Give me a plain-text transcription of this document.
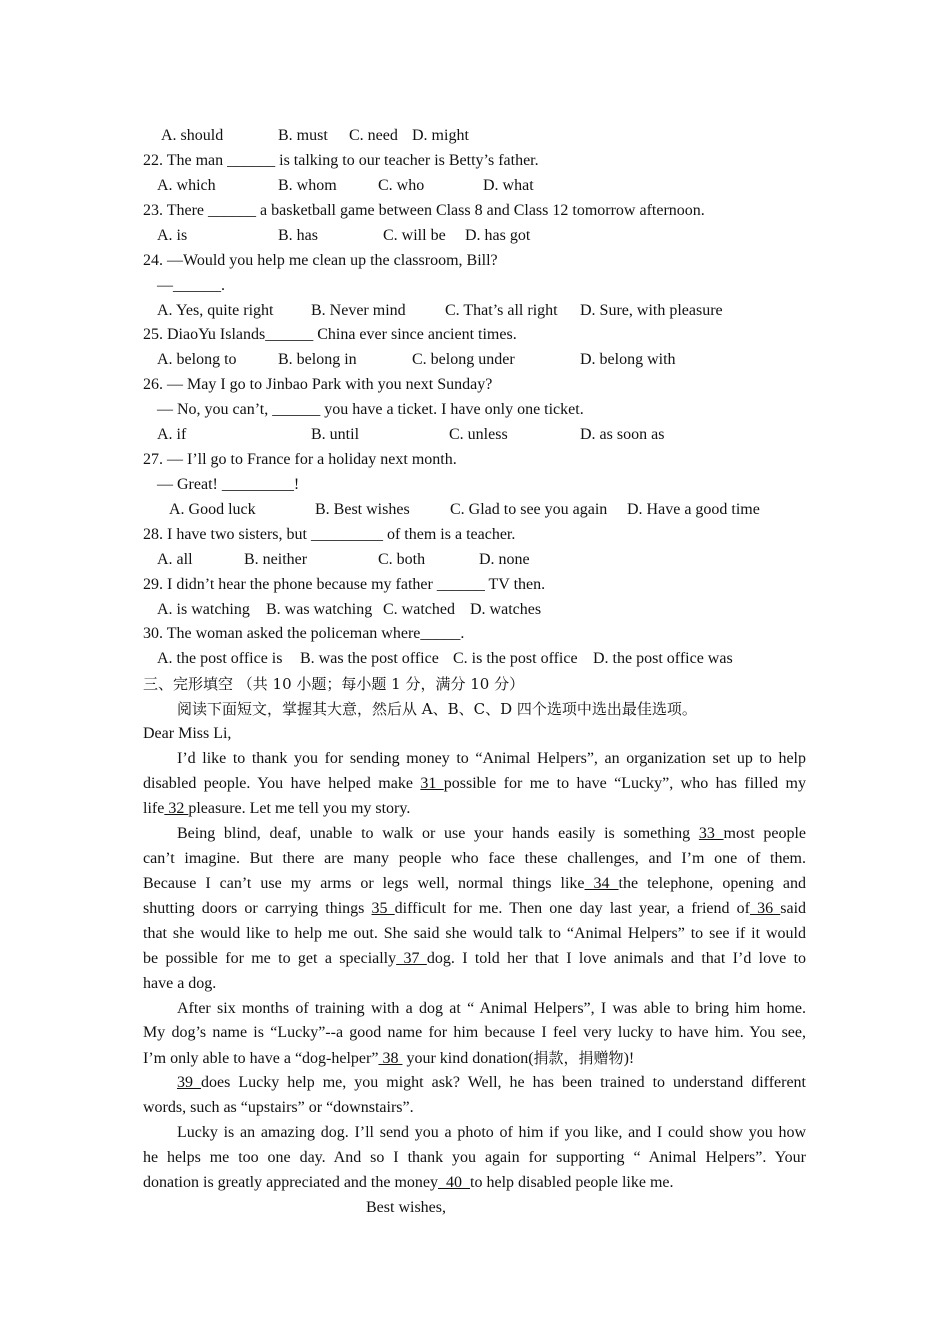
A. should	B. must C. need D. might
22. The man ______ is talking to our teacher is Betty’s father.
A. which	B. whom	C. who	D. what
23. There ______ a basketball game between Class 8 and Class 12 tomorrow afternoon.
A. is	B. has	C. will be D. has got
24. —Would you help me clean up the classroom, Bill?
—______.
A. Yes, quite right B. Never mind C. That’s all right D. Sure, with pleasure
25. DiaoYu Islands______ China ever since ancient times.
A. belong to	B. belong in	C. belong under	D. belong with
26. — May I go to Jinbao Park with you next Sunday?
— No, you can’t, ______ you have a ticket. I have only one ticket.
A. if	B. until	C. unless	D. as soon as
27. — I’ll go to France for a holiday next month.
— Great! _________!
A. Good luck	B. Best wishes	C. Glad to see you again D. Have a good time
28. I have two sisters, but _________ of them is a teacher.
A. all	B. neither	C. both	D. none
29. I didn’t hear the phone because my father ______ TV then.
A. is watching B. was watching C. watched D. watches
30. The woman asked the policeman where_____.
A. the post office is B. was the post office C. is the post office D. the post office was
三、完形填空 （共 10 小题；每小题 1 分，满分 10 分）
阅读下面短文，掌握其大意，然后从 A、B、C、D 四个选项中选出最佳选项。
Dear Miss Li,
I’d like to thank you for sending money to “Animal Helpers”, an organization set up to help
disabled people. You have helped make 31 possible for me to have “Lucky”, who has filled my
life 32 pleasure. Let me tell you my story.
Being blind, deaf, unable to walk or use your hands easily is something 33 most people
can’t imagine. But there are many people who face these challenges, and I’m one of them.
Because I can’t use my arms or legs well, normal things like 34 the telephone, opening and
shutting doors or carrying things 35 difficult for me. Then one day last year, a friend of 36 said
that she would like to help me out. She said she would talk to “Animal Helpers” to see if it would
be possible for me to get a specially 37 dog. I told her that I love animals and that I’d love to
have a dog.
After six months of training with a dog at “ Animal Helpers”, I was able to bring him home.
My dog’s name is “Lucky”--a good name for him because I feel very lucky to have him. You see,
I’m only able to have a “dog-helper” 38  your kind donation(捐款，捐赠物)!
39 does Lucky help me, you might ask? Well, he has been trained to understand different
words, such as “upstairs” or “downstairs”.
Lucky is an amazing dog. I’ll send you a photo of him if you like, and I could show you how
he helps me too one day. And so I thank you again for supporting “ Animal Helpers”. Your
donation is greatly appreciated and the money  40  to help disabled people like me.
Best wishes,
